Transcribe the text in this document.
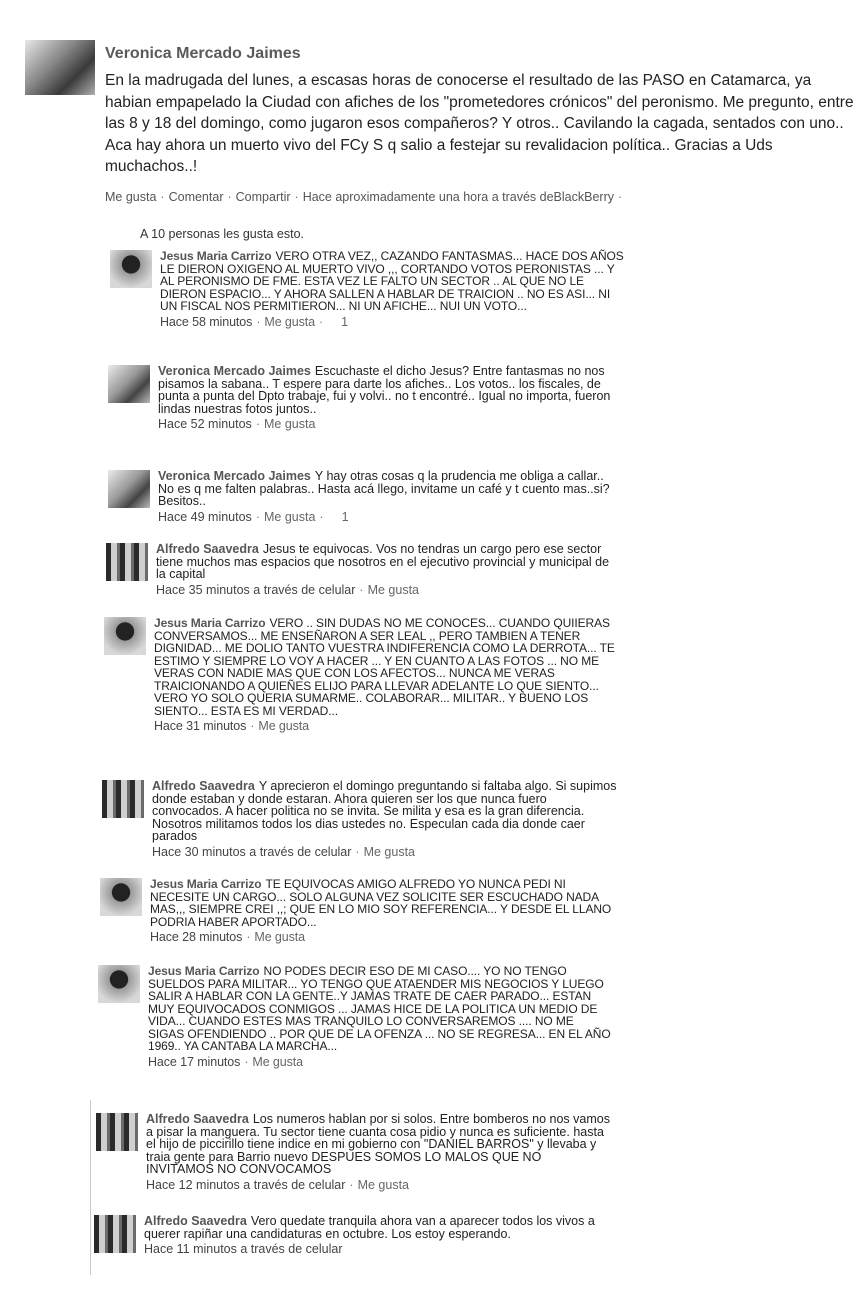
Veronica Mercado Jaimes
En la madrugada del lunes, a escasas horas de conocerse el resultado de las PASO en Catamarca, ya habian empapelado la Ciudad con afiches de los "prometedores crónicos" del peronismo. Me pregunto, entre las 8 y 18 del domingo, como jugaron esos compañeros? Y otros.. Cavilando la cagada, sentados con uno.. Aca hay ahora un muerto vivo del FCy S q salio a festejar su revalidacion política.. Gracias a Uds muchachos..!
Me gusta · Comentar · Compartir · Hace aproximadamente una hora a través deBlackBerry ·
A 10 personas les gusta esto.
Jesus Maria Carrizo VERO OTRA VEZ,, CAZANDO FANTASMAS... HACE DOS AÑOS LE DIERON OXIGENO AL MUERTO VIVO ,,, CORTANDO VOTOS PERONISTAS ... Y AL PERONISMO DE FME. ESTA VEZ LE FALTO UN SECTOR .. AL QUE NO LE DIERON ESPACIO... Y AHORA SALLEN A HABLAR DE TRAICION .. NO ES ASI... NI UN FISCAL NOS PERMITIERON... NI UN AFICHE... NUI UN VOTO...
Hace 58 minutos · Me gusta · 1
Veronica Mercado Jaimes Escuchaste el dicho Jesus? Entre fantasmas no nos pisamos la sabana.. T espere para darte los afiches.. Los votos.. los fiscales, de punta a punta del Dpto trabaje, fui y volvi.. no t encontré.. Igual no importa, fueron lindas nuestras fotos juntos..
Hace 52 minutos · Me gusta
Veronica Mercado Jaimes Y hay otras cosas q la prudencia me obliga a callar.. No es q me falten palabras.. Hasta acá llego, invitame un café y t cuento mas..si? Besitos..
Hace 49 minutos · Me gusta · 1
Alfredo Saavedra Jesus te equivocas. Vos no tendras un cargo pero ese sector tiene muchos mas espacios que nosotros en el ejecutivo provincial y municipal de la capital
Hace 35 minutos a través de celular · Me gusta
Jesus Maria Carrizo VERO .. SIN DUDAS NO ME CONOCES... CUANDO QUIIERAS CONVERSAMOS... ME ENSEÑARON A SER LEAL ,, PERO TAMBIEN A TENER DIGNIDAD... ME DOLIO TANTO VUESTRA INDIFERENCIA COMO LA DERROTA... TE ESTIMO Y SIEMPRE LO VOY A HACER ... Y EN CUANTO A LAS FOTOS ... NO ME VERAS CON NADIE MAS QUE CON LOS AFECTOS... NUNCA ME VERAS TRAICIONANDO A QUIEÑES ELIJO PARA LLEVAR ADELANTE LO QUE SIENTO... VERO YO SOLO QUERIA SUMARME.. COLABORAR... MILITAR.. Y BUENO LOS SIENTO... ESTA ES MI VERDAD...
Hace 31 minutos · Me gusta
Alfredo Saavedra Y aprecieron el domingo preguntando si faltaba algo. Si supimos donde estaban y donde estaran. Ahora quieren ser los que nunca fuero convocados. A hacer politica no se invita. Se milita y esa es la gran diferencia. Nosotros militamos todos los dias ustedes no. Especulan cada dia donde caer parados
Hace 30 minutos a través de celular · Me gusta
Jesus Maria Carrizo TE EQUIVOCAS AMIGO ALFREDO YO NUNCA PEDI NI NECESITE UN CARGO... SOLO ALGUNA VEZ SOLICITE SER ESCUCHADO NADA MAS,,, SIEMPRE CREI ,,; QUE EN LO MIO SOY REFERENCIA... Y DESDE EL LLANO PODRIA HABER APORTADO...
Hace 28 minutos · Me gusta
Jesus Maria Carrizo NO PODES DECIR ESO DE MI CASO.... YO NO TENGO SUELDOS PARA MILITAR... YO TENGO QUE ATAENDER MIS NEGOCIOS Y LUEGO SALIR A HABLAR CON LA GENTE..Y JAMAS TRATE DE CAER PARADO... ESTAN MUY EQUIVOCADOS CONMIGOS ... JAMAS HICE DE LA POLITICA UN MEDIO DE VIDA... CUANDO ESTES MAS TRANQUILO LO CONVERSAREMOS .... NO ME SIGAS OFENDIENDO .. POR QUE DE LA OFENZA ... NO SE REGRESA... EN EL AÑO 1969.. YA CANTABA LA MARCHA...
Hace 17 minutos · Me gusta
Alfredo Saavedra Los numeros hablan por si solos. Entre bomberos no nos vamos a pisar la manguera. Tu sector tiene cuanta cosa pidio y nunca es suficiente. hasta el hijo de piccirillo tiene indice en mi gobierno con "DANIEL BARROS" y llevaba y traia gente para Barrio nuevo DESPUES SOMOS LO MALOS QUE NO INVITAMOS NO CONVOCAMOS
Hace 12 minutos a través de celular · Me gusta
Alfredo Saavedra Vero quedate tranquila ahora van a aparecer todos los vivos a querer rapiñar una candidaturas en octubre. Los estoy esperando.
Hace 11 minutos a través de celular
